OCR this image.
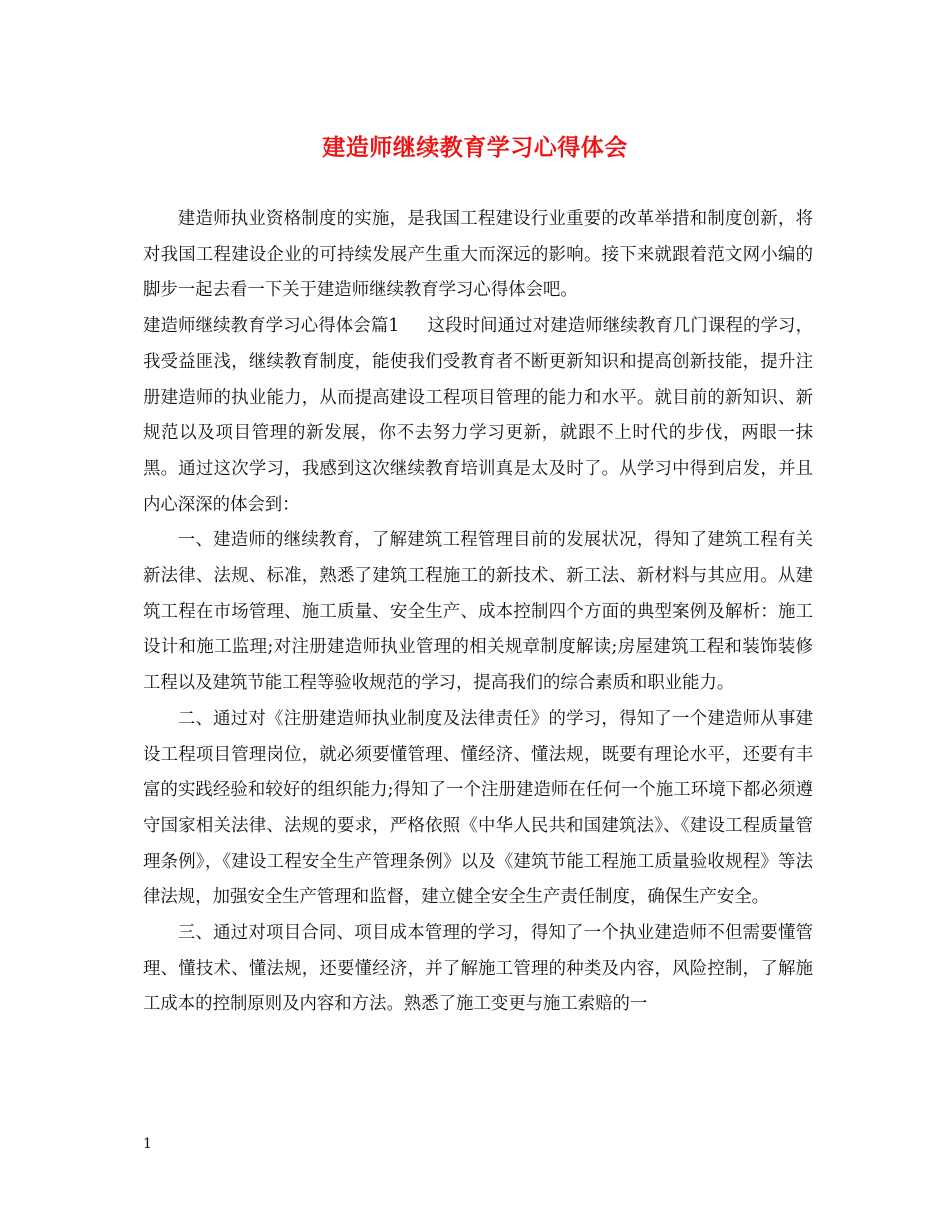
建造师继续教育学习心得体会

建造师执业资格制度的实施，是我国工程建设行业重要的改革举措和制度创新，将对我国工程建设企业的可持续发展产生重大而深远的影响。接下来就跟着范文网小编的脚步一起去看一下关于建造师继续教育学习心得体会吧。

建造师继续教育学习心得体会篇1 这段时间通过对建造师继续教育几门课程的学习，我受益匪浅，继续教育制度，能使我们受教育者不断更新知识和提高创新技能，提升注册建造师的执业能力，从而提高建设工程项目管理的能力和水平。就目前的新知识、新规范以及项目管理的新发展，你不去努力学习更新，就跟不上时代的步伐，两眼一抹黑。通过这次学习，我感到这次继续教育培训真是太及时了。从学习中得到启发，并且内心深深的体会到：

一、建造师的继续教育，了解建筑工程管理目前的发展状况，得知了建筑工程有关新法律、法规、标准，熟悉了建筑工程施工的新技术、新工法、新材料与其应用。从建筑工程在市场管理、施工质量、安全生产、成本控制四个方面的典型案例及解析：施工设计和施工监理;对注册建造师执业管理的相关规章制度解读;房屋建筑工程和装饰装修工程以及建筑节能工程等验收规范的学习，提高我们的综合素质和职业能力。

二、通过对《注册建造师执业制度及法律责任》的学习，得知了一个建造师从事建设工程项目管理岗位，就必须要懂管理、懂经济、懂法规，既要有理论水平，还要有丰富的实践经验和较好的组织能力;得知了一个注册建造师在任何一个施工环境下都必须遵守国家相关法律、法规的要求，严格依照《中华人民共和国建筑法》、《建设工程质量管理条例》，《建设工程安全生产管理条例》以及《建筑节能工程施工质量验收规程》等法律法规，加强安全生产管理和监督，建立健全安全生产责任制度，确保生产安全。

三、通过对项目合同、项目成本管理的学习，得知了一个执业建造师不但需要懂管理、懂技术、懂法规，还要懂经济，并了解施工管理的种类及内容，风险控制，了解施工成本的控制原则及内容和方法。熟悉了施工变更与施工索赔的一

1
